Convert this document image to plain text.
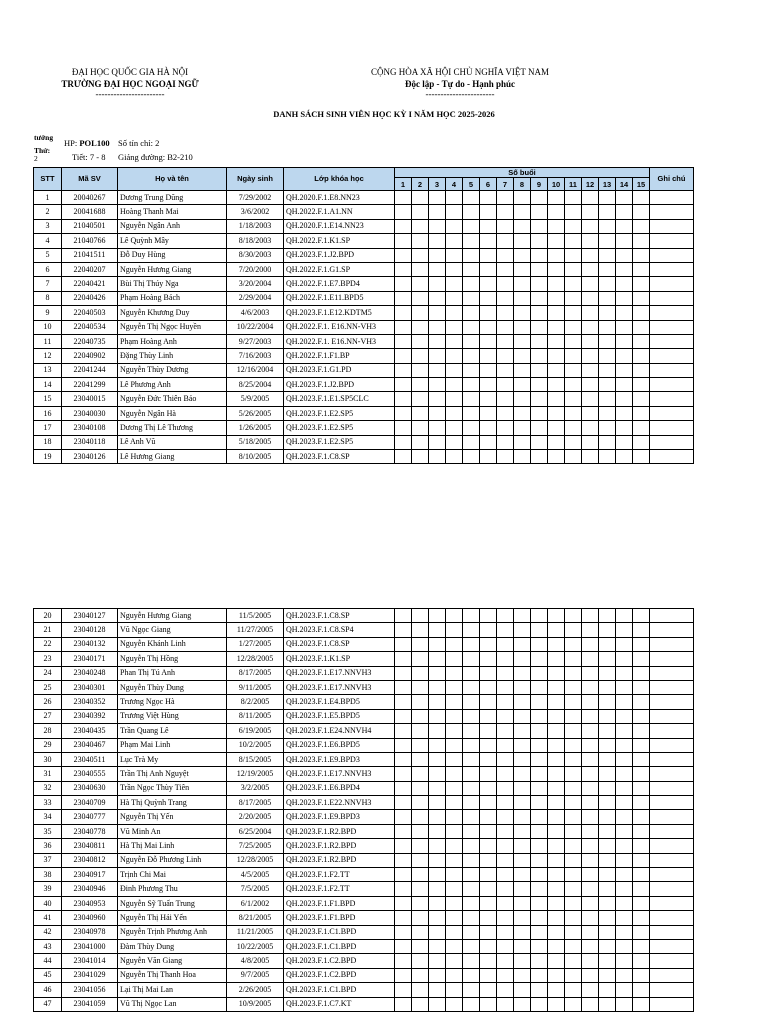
ĐẠI HỌC QUỐC GIA HÀ NỘI
TRƯỜNG ĐẠI HỌC NGOẠI NGỮ
-----------------------
CỘNG HÒA XÃ HỘI CHỦ NGHĨA VIỆT NAM
Độc lập - Tự do - Hạnh phúc
-----------------------
DANH SÁCH SINH VIÊN HỌC KỲ I NĂM HỌC 2025-2026
tướng
HP: POL100 Số tín chỉ: 2
Thứ:
2	Tiết: 7 - 8 Giảng đường: B2-210
STT	Mã SV	Họ và tên	Ngày sinh	Lớp khóa học	Số buổi															Ghi chú
					1	2	3	4	5	6	7	8	9	10	11	12	13	14	15	
1	20040267	Dương Trung Dũng	7/29/2002	QH.2020.F.1.E8.NN23																
2	20041688	Hoàng Thanh Mai	3/6/2002	QH.2022.F.1.A1.NN																
3	21040501	Nguyễn Ngân Anh	1/18/2003	QH.2020.F.1.E14.NN23																
4	21040766	Lê Quỳnh Mây	8/18/2003	QH.2022.F.1.K1.SP																
5	21041511	Đỗ Duy Hùng	8/30/2003	QH.2023.F.1.J2.BPD																
6	22040207	Nguyễn Hương Giang	7/20/2000	QH.2022.F.1.G1.SP																
7	22040421	Bùi Thị Thúy Nga	3/20/2004	QH.2022.F.1.E7.BPD4																
8	22040426	Phạm Hoàng Bách	2/29/2004	QH.2022.F.1.E11.BPD5																
9	22040503	Nguyễn Khương Duy	4/6/2003	QH.2023.F.1.E12.KDTM5																
10	22040534	Nguyễn Thị Ngọc Huyền	10/22/2004	QH.2022.F.1. E16.NN-VH3																
11	22040735	Phạm Hoàng Anh	9/27/2003	QH.2022.F.1. E16.NN-VH3																
12	22040902	Đặng Thùy Linh	7/16/2003	QH.2022.F.1.F1.BP																
13	22041244	Nguyễn Thùy Dương	12/16/2004	QH.2023.F.1.G1.PD																
14	22041299	Lê Phương Anh	8/25/2004	QH.2023.F.1.J2.BPD																
15	23040015	Nguyễn Đức Thiên Bảo	5/9/2005	QH.2023.F.1.E1.SP5CLC																
16	23040030	Nguyễn Ngân Hà	5/26/2005	QH.2023.F.1.E2.SP5																
17	23040108	Dương Thị Lê Thương	1/26/2005	QH.2023.F.1.E2.SP5																
18	23040118	Lê Anh Vũ	5/18/2005	QH.2023.F.1.E2.SP5																
19	23040126	Lê Hương Giang	8/10/2005	QH.2023.F.1.C8.SP																
20	23040127	Nguyễn Hương Giang	11/5/2005	QH.2023.F.1.C8.SP																
21	23040128	Vũ Ngọc Giang	11/27/2005	QH.2023.F.1.C8.SP4																
22	23040132	Nguyễn Khánh Linh	1/27/2005	QH.2023.F.1.C8.SP																
23	23040171	Nguyễn Thị Hồng	12/28/2005	QH.2023.F.1.K1.SP																
24	23040248	Phan Thị Tú Anh	8/17/2005	QH.2023.F.1.E17.NNVH3																
25	23040301	Nguyễn Thùy Dung	9/11/2005	QH.2023.F.1.E17.NNVH3																
26	23040352	Trương Ngọc Hà	8/2/2005	QH.2023.F.1.E4.BPD5																
27	23040392	Trương Việt Hùng	8/11/2005	QH.2023.F.1.E5.BPD5																
28	23040435	Trần Quang Lê	6/19/2005	QH.2023.F.1.E24.NNVH4																
29	23040467	Phạm Mai Linh	10/2/2005	QH.2023.F.1.E6.BPD5																
30	23040511	Lục Trà My	8/15/2005	QH.2023.F.1.E9.BPD3																
31	23040555	Trần Thị Anh Nguyệt	12/19/2005	QH.2023.F.1.E17.NNVH3																
32	23040630	Trần Ngọc Thùy Tiên	3/2/2005	QH.2023.F.1.E6.BPD4																
33	23040709	Hà Thị Quỳnh Trang	8/17/2005	QH.2023.F.1.E22.NNVH3																
34	23040777	Nguyễn Thị Yến	2/20/2005	QH.2023.F.1.E9.BPD3																
35	23040778	Vũ Minh An	6/25/2004	QH.2023.F.1.R2.BPD																
36	23040811	Hà Thị Mai Linh	7/25/2005	QH.2023.F.1.R2.BPD																
37	23040812	Nguyễn Đỗ Phương Linh	12/28/2005	QH.2023.F.1.R2.BPD																
38	23040917	Trịnh Chi Mai	4/5/2005	QH.2023.F.1.F2.TT																
39	23040946	Đinh Phương Thu	7/5/2005	QH.2023.F.1.F2.TT																
40	23040953	Nguyễn Sỹ Tuấn Trung	6/1/2002	QH.2023.F.1.F1.BPD																
41	23040960	Nguyễn Thị Hải Yến	8/21/2005	QH.2023.F.1.F1.BPD																
42	23040978	Nguyễn Trịnh Phương Anh	11/21/2005	QH.2023.F.1.C1.BPD																
43	23041000	Đàm Thùy Dung	10/22/2005	QH.2023.F.1.C1.BPD																
44	23041014	Nguyễn Văn Giang	4/8/2005	QH.2023.F.1.C2.BPD																
45	23041029	Nguyễn Thị Thanh Hoa	9/7/2005	QH.2023.F.1.C2.BPD																
46	23041056	Lại Thị Mai Lan	2/26/2005	QH.2023.F.1.C1.BPD																
47	23041059	Vũ Thị Ngọc Lan	10/9/2005	QH.2023.F.1.C7.KT																
